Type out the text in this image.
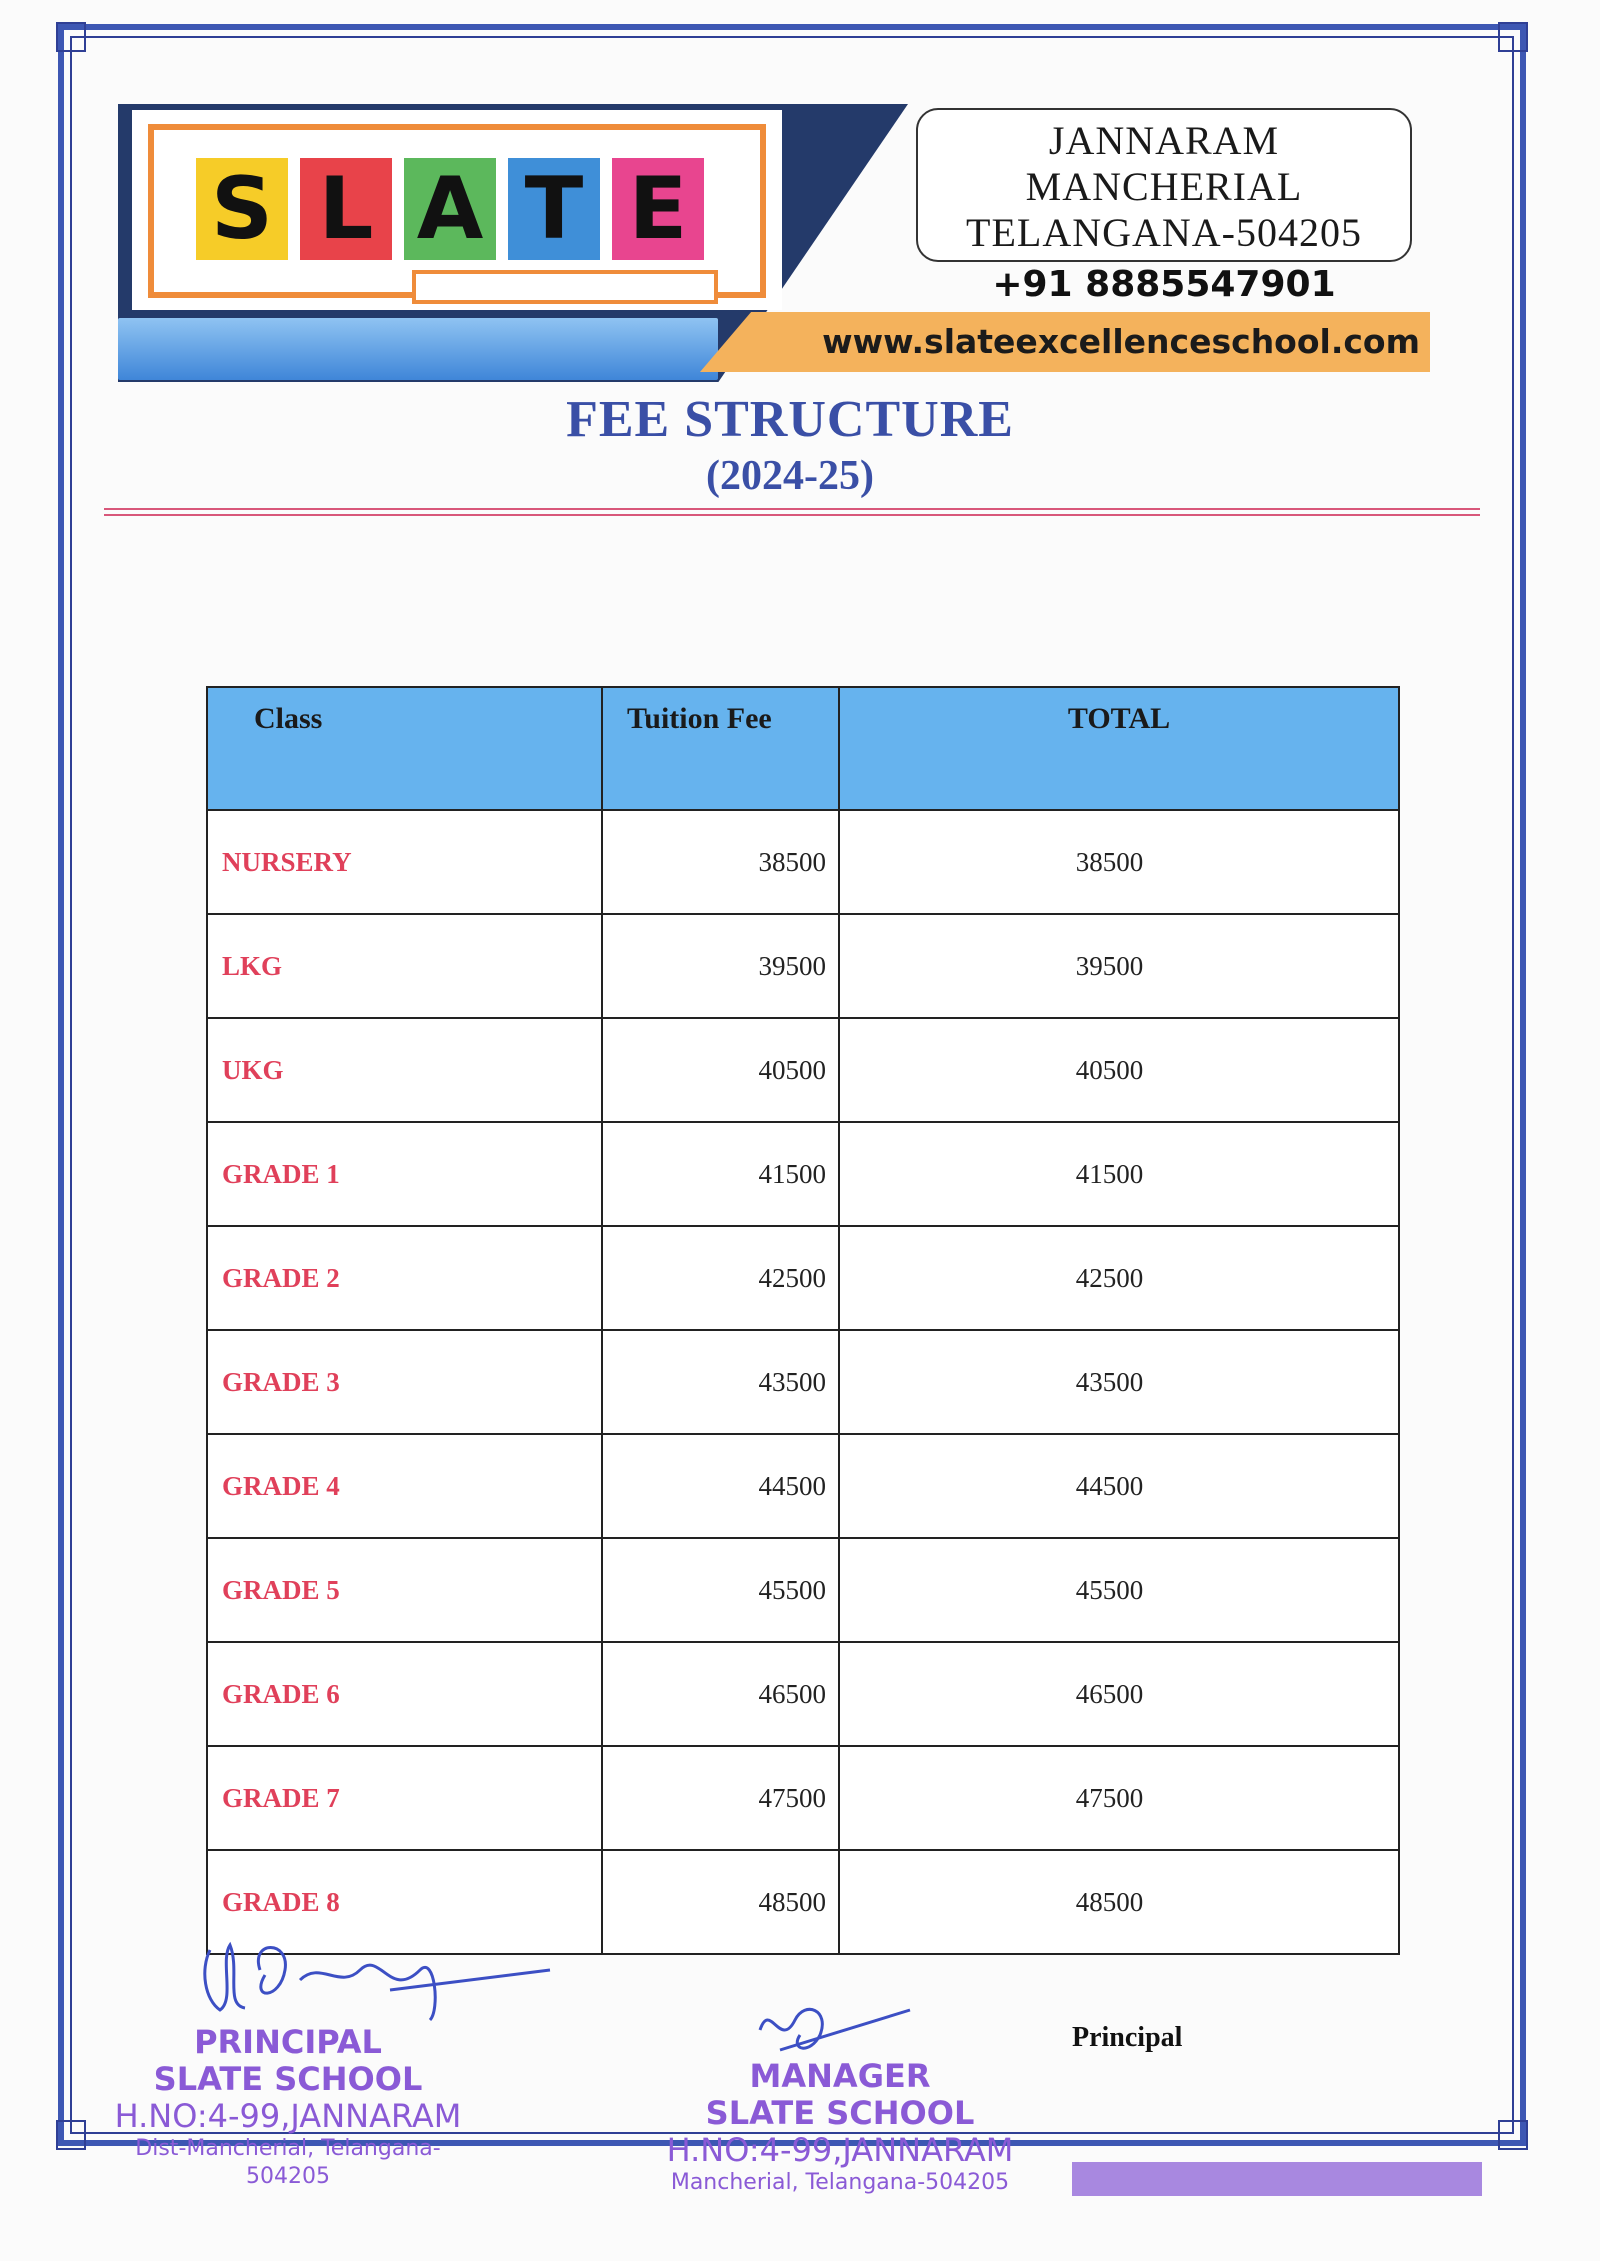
S L A T E
JANNARAM
MANCHERIAL
TELANGANA-504205
+91 8885547901
www.slateexcellenceschool.com
FEE STRUCTURE
(2024-25)
Class	Tuition Fee	TOTAL
NURSERY	38500	38500
LKG	39500	39500
UKG	40500	40500
GRADE 1	41500	41500
GRADE 2	42500	42500
GRADE 3	43500	43500
GRADE 4	44500	44500
GRADE 5	45500	45500
GRADE 6	46500	46500
GRADE 7	47500	47500
GRADE 8	48500	48500
PRINCIPAL
SLATE SCHOOL
H.NO:4-99,JANNARAM
Dist-Mancherial, Telangana-504205
MANAGER
SLATE SCHOOL
H.NO:4-99,JANNARAM
Mancherial, Telangana-504205
Principal
